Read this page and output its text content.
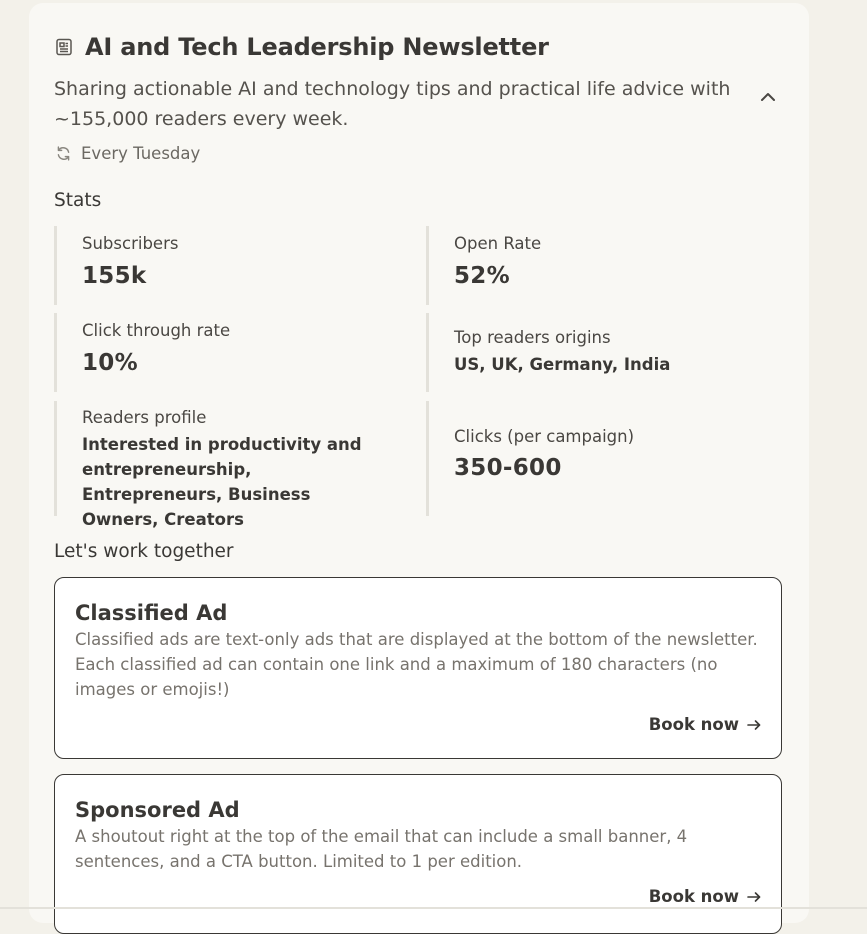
AI and Tech Leadership Newsletter
Sharing actionable AI and technology tips and practical life advice with ~155,000 readers every week.
Every Tuesday
Stats
Subscribers
155k
Open Rate
52%
Click through rate
10%
Top readers origins
US, UK, Germany, India
Readers profile
Interested in productivity and entrepreneurship, Entrepreneurs, Business Owners, Creators
Clicks (per campaign)
350-600
Let's work together
Classified Ad
Classified ads are text-only ads that are displayed at the bottom of the newsletter. Each classified ad can contain one link and a maximum of 180 characters (no images or emojis!)
Book now
Sponsored Ad
A shoutout right at the top of the email that can include a small banner, 4 sentences, and a CTA button. Limited to 1 per edition.
Book now
